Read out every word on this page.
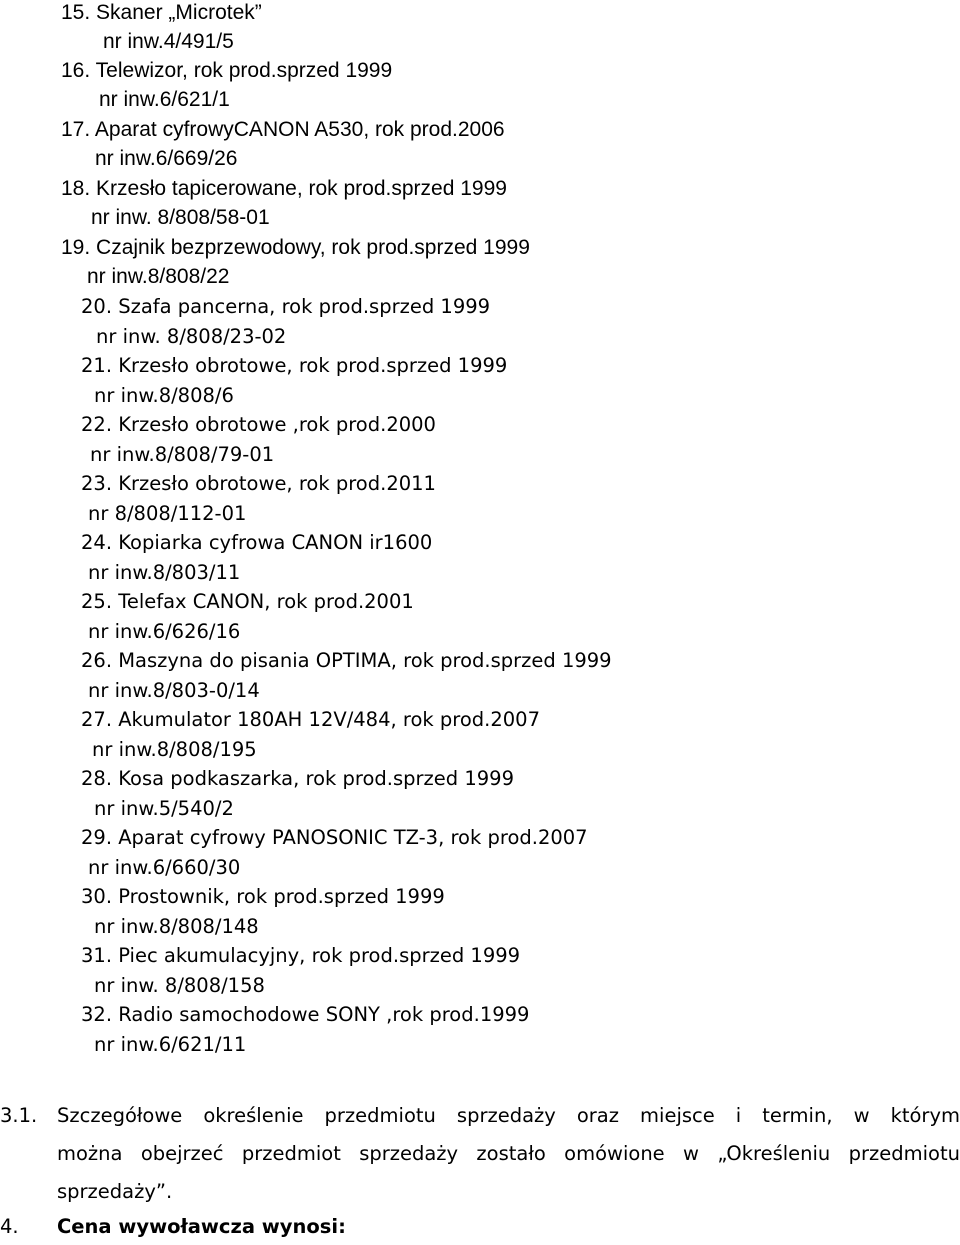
15. Skaner „Microtek”
nr inw.4/491/5
16. Telewizor, rok prod.sprzed 1999
nr inw.6/621/1
17. Aparat cyfrowyCANON A530, rok prod.2006
nr inw.6/669/26
18. Krzesło tapicerowane, rok prod.sprzed 1999
nr inw. 8/808/58-01
19. Czajnik bezprzewodowy, rok prod.sprzed 1999
nr inw.8/808/22
20. Szafa pancerna, rok prod.sprzed 1999
nr inw. 8/808/23-02
21. Krzesło obrotowe, rok prod.sprzed 1999
nr inw.8/808/6
22. Krzesło obrotowe ,rok prod.2000
nr inw.8/808/79-01
23. Krzesło obrotowe, rok prod.2011
nr 8/808/112-01
24. Kopiarka cyfrowa CANON ir1600
nr inw.8/803/11
25. Telefax CANON, rok prod.2001
nr inw.6/626/16
26. Maszyna do pisania OPTIMA, rok prod.sprzed 1999
nr inw.8/803-0/14
27. Akumulator 180AH 12V/484, rok prod.2007
nr inw.8/808/195
28. Kosa podkaszarka, rok prod.sprzed 1999
nr inw.5/540/2
29. Aparat cyfrowy PANOSONIC TZ-3, rok prod.2007
nr inw.6/660/30
30. Prostownik, rok prod.sprzed 1999
nr inw.8/808/148
31. Piec akumulacyjny, rok prod.sprzed 1999
nr inw. 8/808/158
32. Radio samochodowe SONY ,rok prod.1999
nr inw.6/621/11
3.1. Szczegółowe określenie przedmiotu sprzedaży oraz miejsce i termin, w którym
można obejrzeć przedmiot sprzedaży zostało omówione w „Określeniu przedmiotu
sprzedaży”.
4. Cena wywoławcza wynosi:
